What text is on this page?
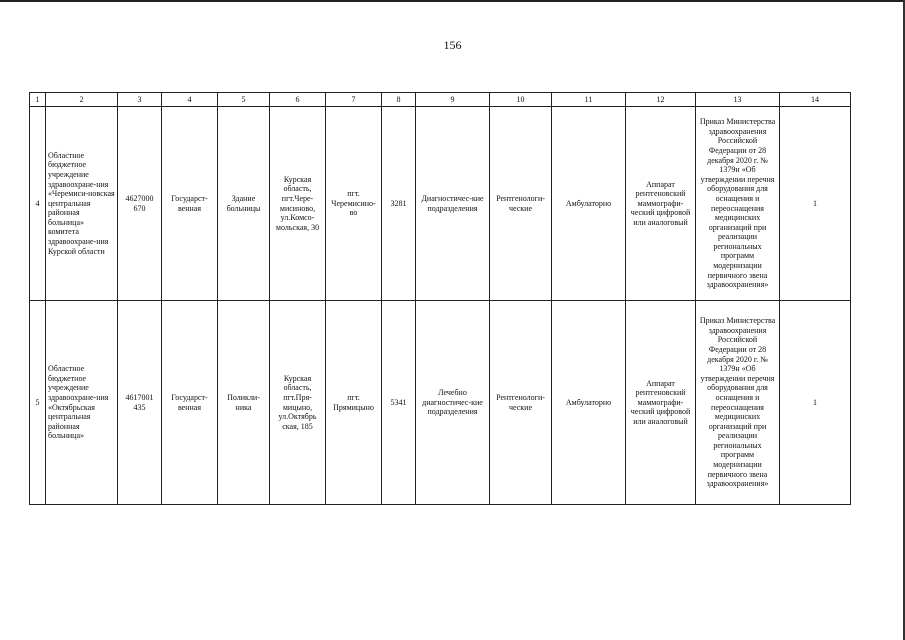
156
1	2	3	4	5	6	7	8	9	10	11	12	13	14
4	Областное бюджетное учреждение здравоохране-ния «Черемиси-новская центральная районная больница» комитета здравоохране-ния Курской области	4627000 670	Государст-венная	Здание больницы	Курская область, пгт.Чере-мисиново, ул.Комсо-мольская, 30	пгт. Черемисино-во	3281	Диагностичес-кие подразделения	Рентгенологи-ческие	Амбулаторно	Аппарат рентгеновский маммографи-ческий цифровой или аналоговый	Приказ Министерства здравоохранения Российской Федерации от 28 декабря 2020 г. № 1379н «Об утверждении перечня оборудования для оснащения и переоснащения медицинских организаций при реализации региональных программ модернизации первичного звена здравоохранения»	1
5	Областное бюджетное учреждение здравоохране-ния «Октябрьская центральная районная больница»	4617001 435	Государст-венная	Поликли-ника	Курская область, пгт.Пря-мицыно, ул.Октябрь ская, 185	пгт. Прямицыно	5341	Лечебно диагностичес-кие подразделения	Рентгенологи-ческие	Амбулаторно	Аппарат рентгеновский маммографи-ческий цифровой или аналоговый	Приказ Министерства здравоохранения Российской Федерации от 28 декабря 2020 г. № 1379н «Об утверждении перечня оборудования для оснащения и переоснащения медицинских организаций при реализации региональных программ модернизации первичного звена здравоохранения»	1
